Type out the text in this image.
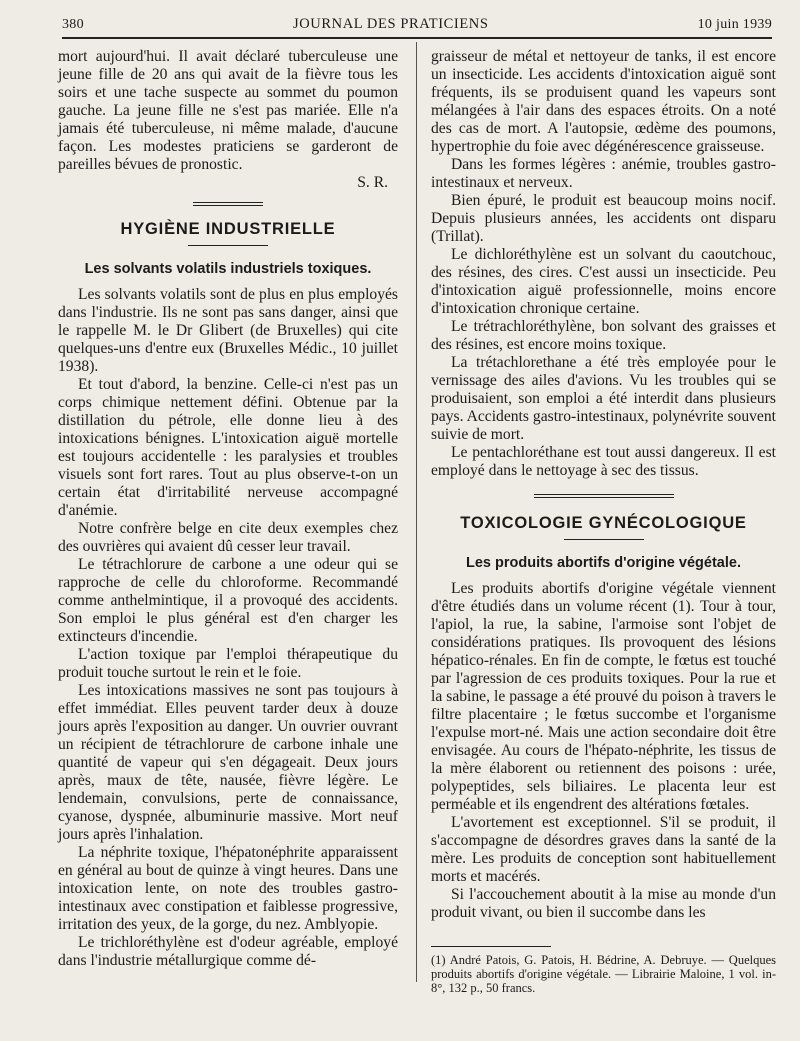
380	JOURNAL DES PRATICIENS	10 juin 1939

mort aujourd'hui. Il avait déclaré tuberculeuse une jeune fille de 20 ans qui avait de la fièvre tous les soirs et une tache suspecte au sommet du poumon gauche. La jeune fille ne s'est pas mariée. Elle n'a jamais été tuberculeuse, ni même malade, d'aucune façon. Les modestes praticiens se garderont de pareilles bévues de pronostic.

S. R.

HYGIÈNE INDUSTRIELLE
Les solvants volatils industriels toxiques.

Les solvants volatils sont de plus en plus employés dans l'industrie. Ils ne sont pas sans danger, ainsi que le rappelle M. le Dr Glibert (de Bruxelles) qui cite quelques-uns d'entre eux (Bruxelles Médic., 10 juillet 1938).

Et tout d'abord, la benzine. Celle-ci n'est pas un corps chimique nettement défini. Obtenue par la distillation du pétrole, elle donne lieu à des intoxications bénignes. L'intoxication aiguë mortelle est toujours accidentelle : les paralysies et troubles visuels sont fort rares. Tout au plus observe-t-on un certain état d'irritabilité nerveuse accompagné d'anémie.

Notre confrère belge en cite deux exemples chez des ouvrières qui avaient dû cesser leur travail.

Le tétrachlorure de carbone a une odeur qui se rapproche de celle du chloroforme. Recommandé comme anthelmintique, il a provoqué des accidents. Son emploi le plus général est d'en charger les extincteurs d'incendie.

L'action toxique par l'emploi thérapeutique du produit touche surtout le rein et le foie.

Les intoxications massives ne sont pas toujours à effet immédiat. Elles peuvent tarder deux à douze jours après l'exposition au danger. Un ouvrier ouvrant un récipient de tétrachlorure de carbone inhale une quantité de vapeur qui s'en dégageait. Deux jours après, maux de tête, nausée, fièvre légère. Le lendemain, convulsions, perte de connaissance, cyanose, dyspnée, albuminurie massive. Mort neuf jours après l'inhalation.

La néphrite toxique, l'hépatonéphrite apparaissent en général au bout de quinze à vingt heures. Dans une intoxication lente, on note des troubles gastro-intestinaux avec constipation et faiblesse progressive, irritation des yeux, de la gorge, du nez. Amblyopie.

Le trichloréthylène est d'odeur agréable, employé dans l'industrie métallurgique comme dé-

graisseur de métal et nettoyeur de tanks, il est encore un insecticide. Les accidents d'intoxication aiguë sont fréquents, ils se produisent quand les vapeurs sont mélangées à l'air dans des espaces étroits. On a noté des cas de mort. A l'autopsie, œdème des poumons, hypertrophie du foie avec dégénérescence graisseuse.

Dans les formes légères : anémie, troubles gastro-intestinaux et nerveux.

Bien épuré, le produit est beaucoup moins nocif. Depuis plusieurs années, les accidents ont disparu (Trillat).

Le dichloréthylène est un solvant du caoutchouc, des résines, des cires. C'est aussi un insecticide. Peu d'intoxication aiguë professionnelle, moins encore d'intoxication chronique certaine.

Le trétrachloréthylène, bon solvant des graisses et des résines, est encore moins toxique.

La trétachlorethane a été très employée pour le vernissage des ailes d'avions. Vu les troubles qui se produisaient, son emploi a été interdit dans plusieurs pays. Accidents gastro-intestinaux, polynévrite souvent suivie de mort.

Le pentachloréthane est tout aussi dangereux. Il est employé dans le nettoyage à sec des tissus.

TOXICOLOGIE GYNÉCOLOGIQUE
Les produits abortifs d'origine végétale.

Les produits abortifs d'origine végétale viennent d'être étudiés dans un volume récent (1). Tour à tour, l'apiol, la rue, la sabine, l'armoise sont l'objet de considérations pratiques. Ils provoquent des lésions hépatico-rénales. En fin de compte, le fœtus est touché par l'agression de ces produits toxiques. Pour la rue et la sabine, le passage a été prouvé du poison à travers le filtre placentaire ; le fœtus succombe et l'organisme l'expulse mort-né. Mais une action secondaire doit être envisagée. Au cours de l'hépato-néphrite, les tissus de la mère élaborent ou retiennent des poisons : urée, polypeptides, sels biliaires. Le placenta leur est perméable et ils engendrent des altérations fœtales.

L'avortement est exceptionnel. S'il se produit, il s'accompagne de désordres graves dans la santé de la mère. Les produits de conception sont habituellement morts et macérés.

Si l'accouchement aboutit à la mise au monde d'un produit vivant, ou bien il succombe dans les

(1) André Patois, G. Patois, H. Bédrine, A. Debruye. — Quelques produits abortifs d'origine végétale. — Librairie Maloine, 1 vol. in-8°, 132 p., 50 francs.
